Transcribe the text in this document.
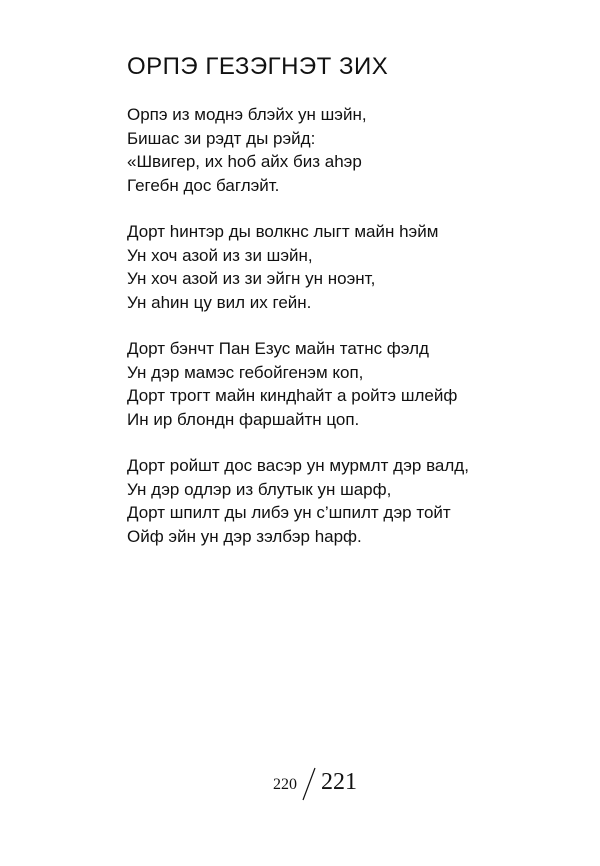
ОРПЭ ГЕЗЭГНЭТ ЗИХ
Орпэ из моднэ блэйх ун шэйн,
Бишас зи рэдт ды рэйд:
«Швигер, их hоб айх биз аhэр
Гегебн дос баглэйт.
Дорт hинтэр ды волкнс лыгт майн hэйм
Ун хоч азой из зи шэйн,
Ун хоч азой из зи эйгн ун ноэнт,
Ун аhин цу вил их гейн.
Дорт бэнчт Пан Езус майн татнс фэлд
Ун дэр мамэс гебойгенэм коп,
Дорт трогт майн киндhайт а ройтэ шлейф
Ин ир блондн фаршайтн цоп.
Дорт ройшт дос васэр ун мурмлт дэр валд,
Ун дэр одлэр из блутык ун шарф,
Дорт шпилт ды либэ ун с’шпилт дэр тойт
Ойф эйн ун дэр зэлбэр hарф.
220 221
